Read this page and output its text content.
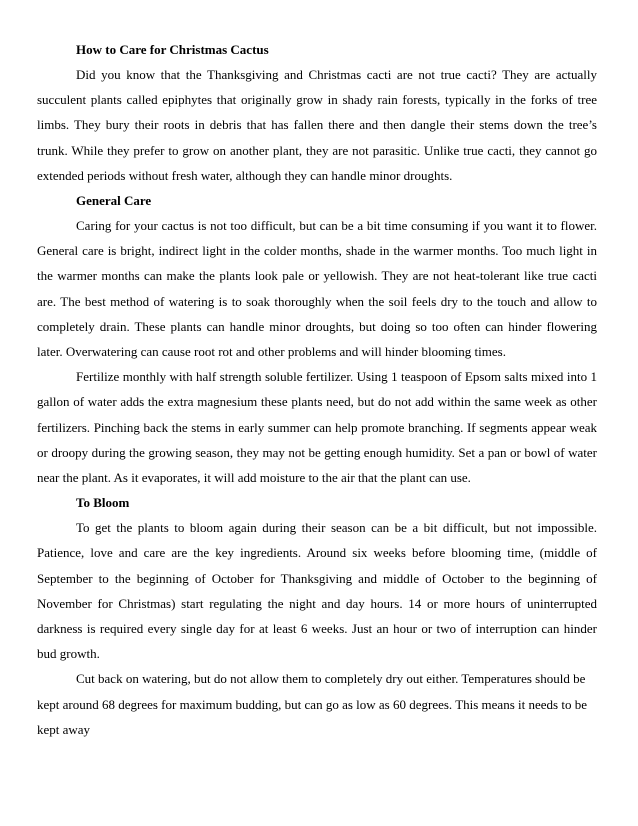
How to Care for Christmas Cactus

Did you know that the Thanksgiving and Christmas cacti are not true cacti? They are actually succulent plants called epiphytes that originally grow in shady rain forests, typically in the forks of tree limbs. They bury their roots in debris that has fallen there and then dangle their stems down the tree’s trunk. While they prefer to grow on another plant, they are not parasitic. Unlike true cacti, they cannot go extended periods without fresh water, although they can handle minor droughts.

General Care

Caring for your cactus is not too difficult, but can be a bit time consuming if you want it to flower. General care is bright, indirect light in the colder months, shade in the warmer months. Too much light in the warmer months can make the plants look pale or yellowish. They are not heat-tolerant like true cacti are. The best method of watering is to soak thoroughly when the soil feels dry to the touch and allow to completely drain. These plants can handle minor droughts, but doing so too often can hinder flowering later. Overwatering can cause root rot and other problems and will hinder blooming times.

Fertilize monthly with half strength soluble fertilizer. Using 1 teaspoon of Epsom salts mixed into 1 gallon of water adds the extra magnesium these plants need, but do not add within the same week as other fertilizers. Pinching back the stems in early summer can help promote branching. If segments appear weak or droopy during the growing season, they may not be getting enough humidity. Set a pan or bowl of water near the plant. As it evaporates, it will add moisture to the air that the plant can use.

To Bloom

To get the plants to bloom again during their season can be a bit difficult, but not impossible. Patience, love and care are the key ingredients. Around six weeks before blooming time, (middle of September to the beginning of October for Thanksgiving and middle of October to the beginning of November for Christmas) start regulating the night and day hours. 14 or more hours of uninterrupted darkness is required every single day for at least 6 weeks. Just an hour or two of interruption can hinder bud growth.

Cut back on watering, but do not allow them to completely dry out either. Temperatures should be kept around 68 degrees for maximum budding, but can go as low as 60 degrees. This means it needs to be kept away
